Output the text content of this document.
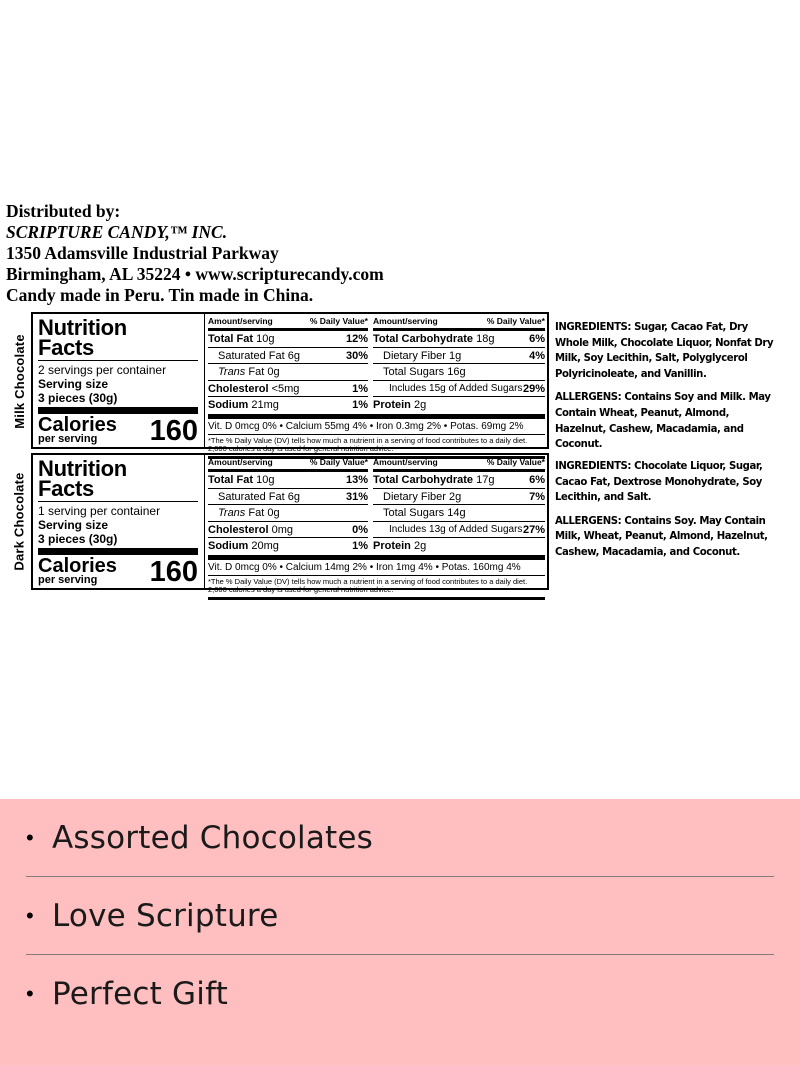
Distributed by:
SCRIPTURE CANDY,™ INC.
1350 Adamsville Industrial Parkway
Birmingham, AL 35224 • www.scripturecandy.com
Candy made in Peru. Tin made in China.
Milk Chocolate
Nutrition
Facts
2 servings per container
Serving size
3 pieces (30g)
Calories
per serving	160
Amount/serving	% Daily Value*
Total Fat 10g	12%
Saturated Fat 6g	30%
Trans Fat 0g
Cholesterol <5mg	1%
Sodium 21mg	1%
Amount/serving	% Daily Value*
Total Carbohydrate 18g	6%
Dietary Fiber 1g	4%
Total Sugars 16g
Includes 15g of Added Sugars 29%
Protein 2g
Vit. D 0mcg 0% • Calcium 55mg 4% • Iron 0.3mg 2% • Potas. 69mg 2%
*The % Daily Value (DV) tells how much a nutrient in a serving of food contributes to a daily diet. 2,000 calories a day is used for general nutrition advice.

INGREDIENTS: Sugar, Cacao Fat, Dry Whole Milk, Chocolate Liquor, Nonfat Dry Milk, Soy Lecithin, Salt, Polyglycerol Polyricinoleate, and Vanillin.

ALLERGENS: Contains Soy and Milk. May Contain Wheat, Peanut, Almond, Hazelnut, Cashew, Macadamia, and Coconut.

Dark Chocolate
Nutrition
Facts
1 serving per container
Serving size
3 pieces (30g)
Calories
per serving	160
Amount/serving	% Daily Value*
Total Fat 10g	13%
Saturated Fat 6g	31%
Trans Fat 0g
Cholesterol 0mg	0%
Sodium 20mg	1%
Amount/serving	% Daily Value*
Total Carbohydrate 17g	6%
Dietary Fiber 2g	7%
Total Sugars 14g
Includes 13g of Added Sugars 27%
Protein 2g
Vit. D 0mcg 0% • Calcium 14mg 2% • Iron 1mg 4% • Potas. 160mg 4%
*The % Daily Value (DV) tells how much a nutrient in a serving of food contributes to a daily diet. 2,000 calories a day is used for general nutrition advice.

INGREDIENTS: Chocolate Liquor, Sugar, Cacao Fat, Dextrose Monohydrate, Soy Lecithin, and Salt.

ALLERGENS: Contains Soy. May Contain Milk, Wheat, Peanut, Almond, Hazelnut, Cashew, Macadamia, and Coconut.

• Assorted Chocolates
• Love Scripture
• Perfect Gift
